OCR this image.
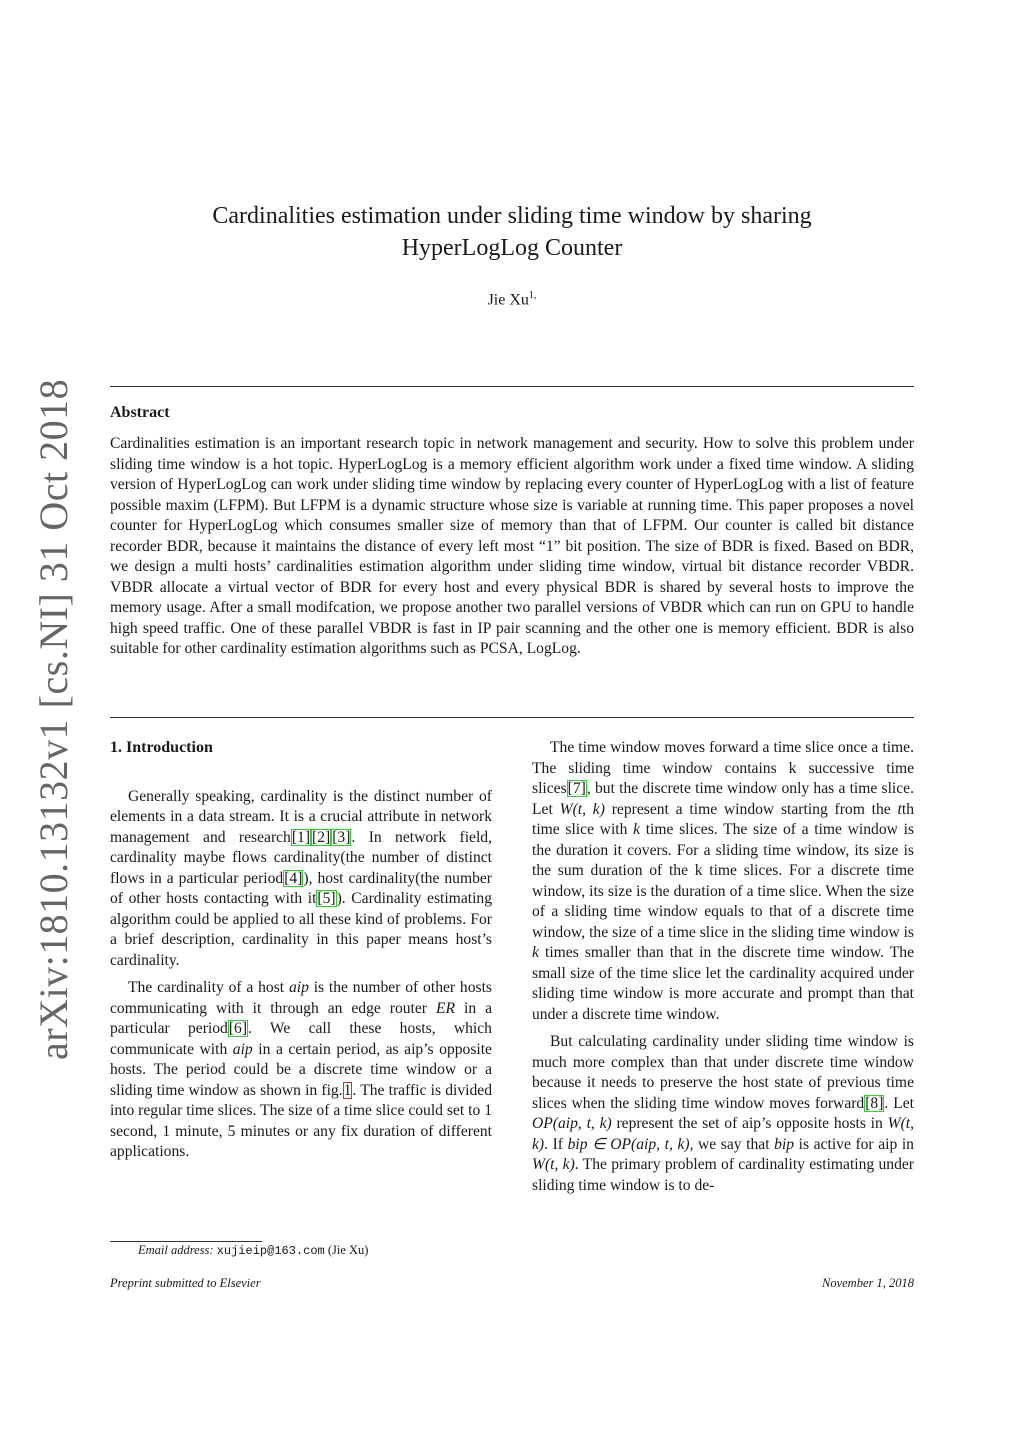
arXiv:1810.13132v1 [cs.NI] 31 Oct 2018
Cardinalities estimation under sliding time window by sharing
HyperLogLog Counter
Jie $Xu^{1,}$
Abstract
Cardinalities estimation is an important research topic in network management and security. How to solve this problem under sliding time window is a hot topic. HyperLogLog is a memory efficient algorithm work under a fixed time window. A sliding version of HyperLogLog can work under sliding time window by replacing every counter of HyperLogLog with a list of feature possible maxim (LFPM). But LFPM is a dynamic structure whose size is variable at running time. This paper proposes a novel counter for HyperLogLog which consumes smaller size of memory than that of LFPM. Our counter is called bit distance recorder BDR, because it maintains the distance of every left most “1” bit position. The size of BDR is fixed. Based on BDR, we design a multi hosts’ cardinalities estimation algorithm under sliding time window, virtual bit distance recorder VBDR. VBDR allocate a virtual vector of BDR for every host and every physical BDR is shared by several hosts to improve the memory usage. After a small modifcation, we propose another two parallel versions of VBDR which can run on GPU to handle high speed traffic. One of these parallel VBDR is fast in IP pair scanning and the other one is memory efficient. BDR is also suitable for other cardinality estimation algorithms such as PCSA, LogLog.
1. Introduction

Generally speaking, cardinality is the distinct number of elements in a data stream. It is a crucial attribute in network management and research[1] [2] [3]. In network field, cardinality maybe flows cardinality(the number of distinct flows in a particular period[4]), host cardinality(the number of other hosts contacting with it[5]). Cardinality estimating algorithm could be applied to all these kind of problems. For a brief description, cardinality in this paper means host’s cardinality.

The cardinality of a host aip is the number of other hosts communicating with it through an edge router ER in a particular period[6]. We call these hosts, which communicate with aip in a certain period, as aip’s opposite hosts. The period could be a discrete time window or a sliding time window as shown in fig.1. The traffic is divided into regular time slices. The size of a time slice could set to 1 second, 1 minute, 5 minutes or any fix duration of different applications.

The time window moves forward a time slice once a time. The sliding time window contains k successive time slices[7], but the discrete time window only has a time slice. Let W(t, k) represent a time window starting from the tth time slice with k time slices. The size of a time window is the duration it covers. For a sliding time window, its size is the sum duration of the k time slices. For a discrete time window, its size is the duration of a time slice. When the size of a sliding time window equals to that of a discrete time window, the size of a time slice in the sliding time window is k times smaller than that in the discrete time window. The small size of the time slice let the cardinality acquired under sliding time window is more accurate and prompt than that under a discrete time window.

But calculating cardinality under sliding time window is much more complex than that under discrete time window because it needs to preserve the host state of previous time slices when the sliding time window moves forward[8]. Let OP(aip, t, k) represent the set of aip’s opposite hosts in W(t, k). If bip ∈ OP(aip, t, k), we say that bip is active for aip in W(t, k). The primary problem of cardinality estimating under sliding time window is to de-

Email address: xujieip@163.com (Jie Xu)
Preprint submitted to Elsevier	November 1, 2018
